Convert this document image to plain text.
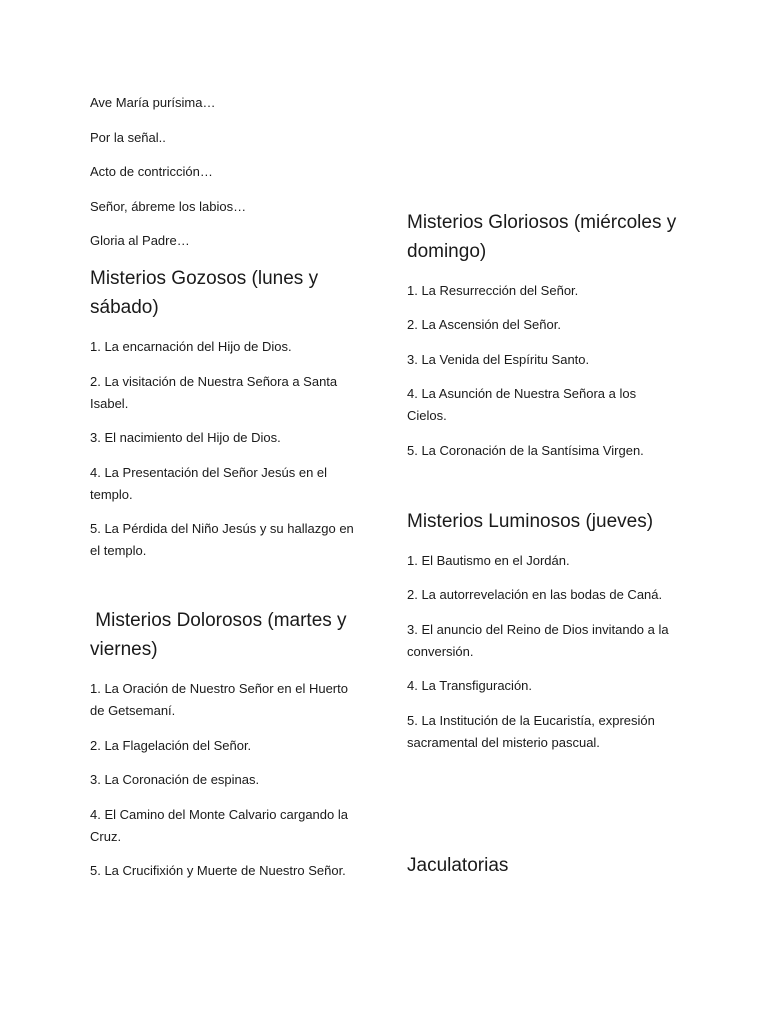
Ave María purísima…

Por la señal..

Acto de contricción…

Señor, ábreme los labios…

Gloria al Padre…

Misterios Gozosos (lunes y sábado)

1. La encarnación del Hijo de Dios.

2. La visitación de Nuestra Señora a Santa Isabel.

3. El nacimiento del Hijo de Dios.

4. La Presentación del Señor Jesús en el templo.

5. La Pérdida del Niño Jesús y su hallazgo en el templo.

Misterios Dolorosos (martes y viernes)

1. La Oración de Nuestro Señor en el Huerto de Getsemaní.

2. La Flagelación del Señor.

3. La Coronación de espinas.

4. El Camino del Monte Calvario cargando la Cruz.

5. La Crucifixión y Muerte de Nuestro Señor.

Misterios Gloriosos (miércoles y domingo)

1. La Resurrección del Señor.

2. La Ascensión del Señor.

3. La Venida del Espíritu Santo.

4. La Asunción de Nuestra Señora a los Cielos.

5. La Coronación de la Santísima Virgen.

Misterios Luminosos (jueves)

1. El Bautismo en el Jordán.

2. La autorrevelación en las bodas de Caná.

3. El anuncio del Reino de Dios invitando a la conversión.

4. La Transfiguración.

5. La Institución de la Eucaristía, expresión sacramental del misterio pascual.

Jaculatorias
